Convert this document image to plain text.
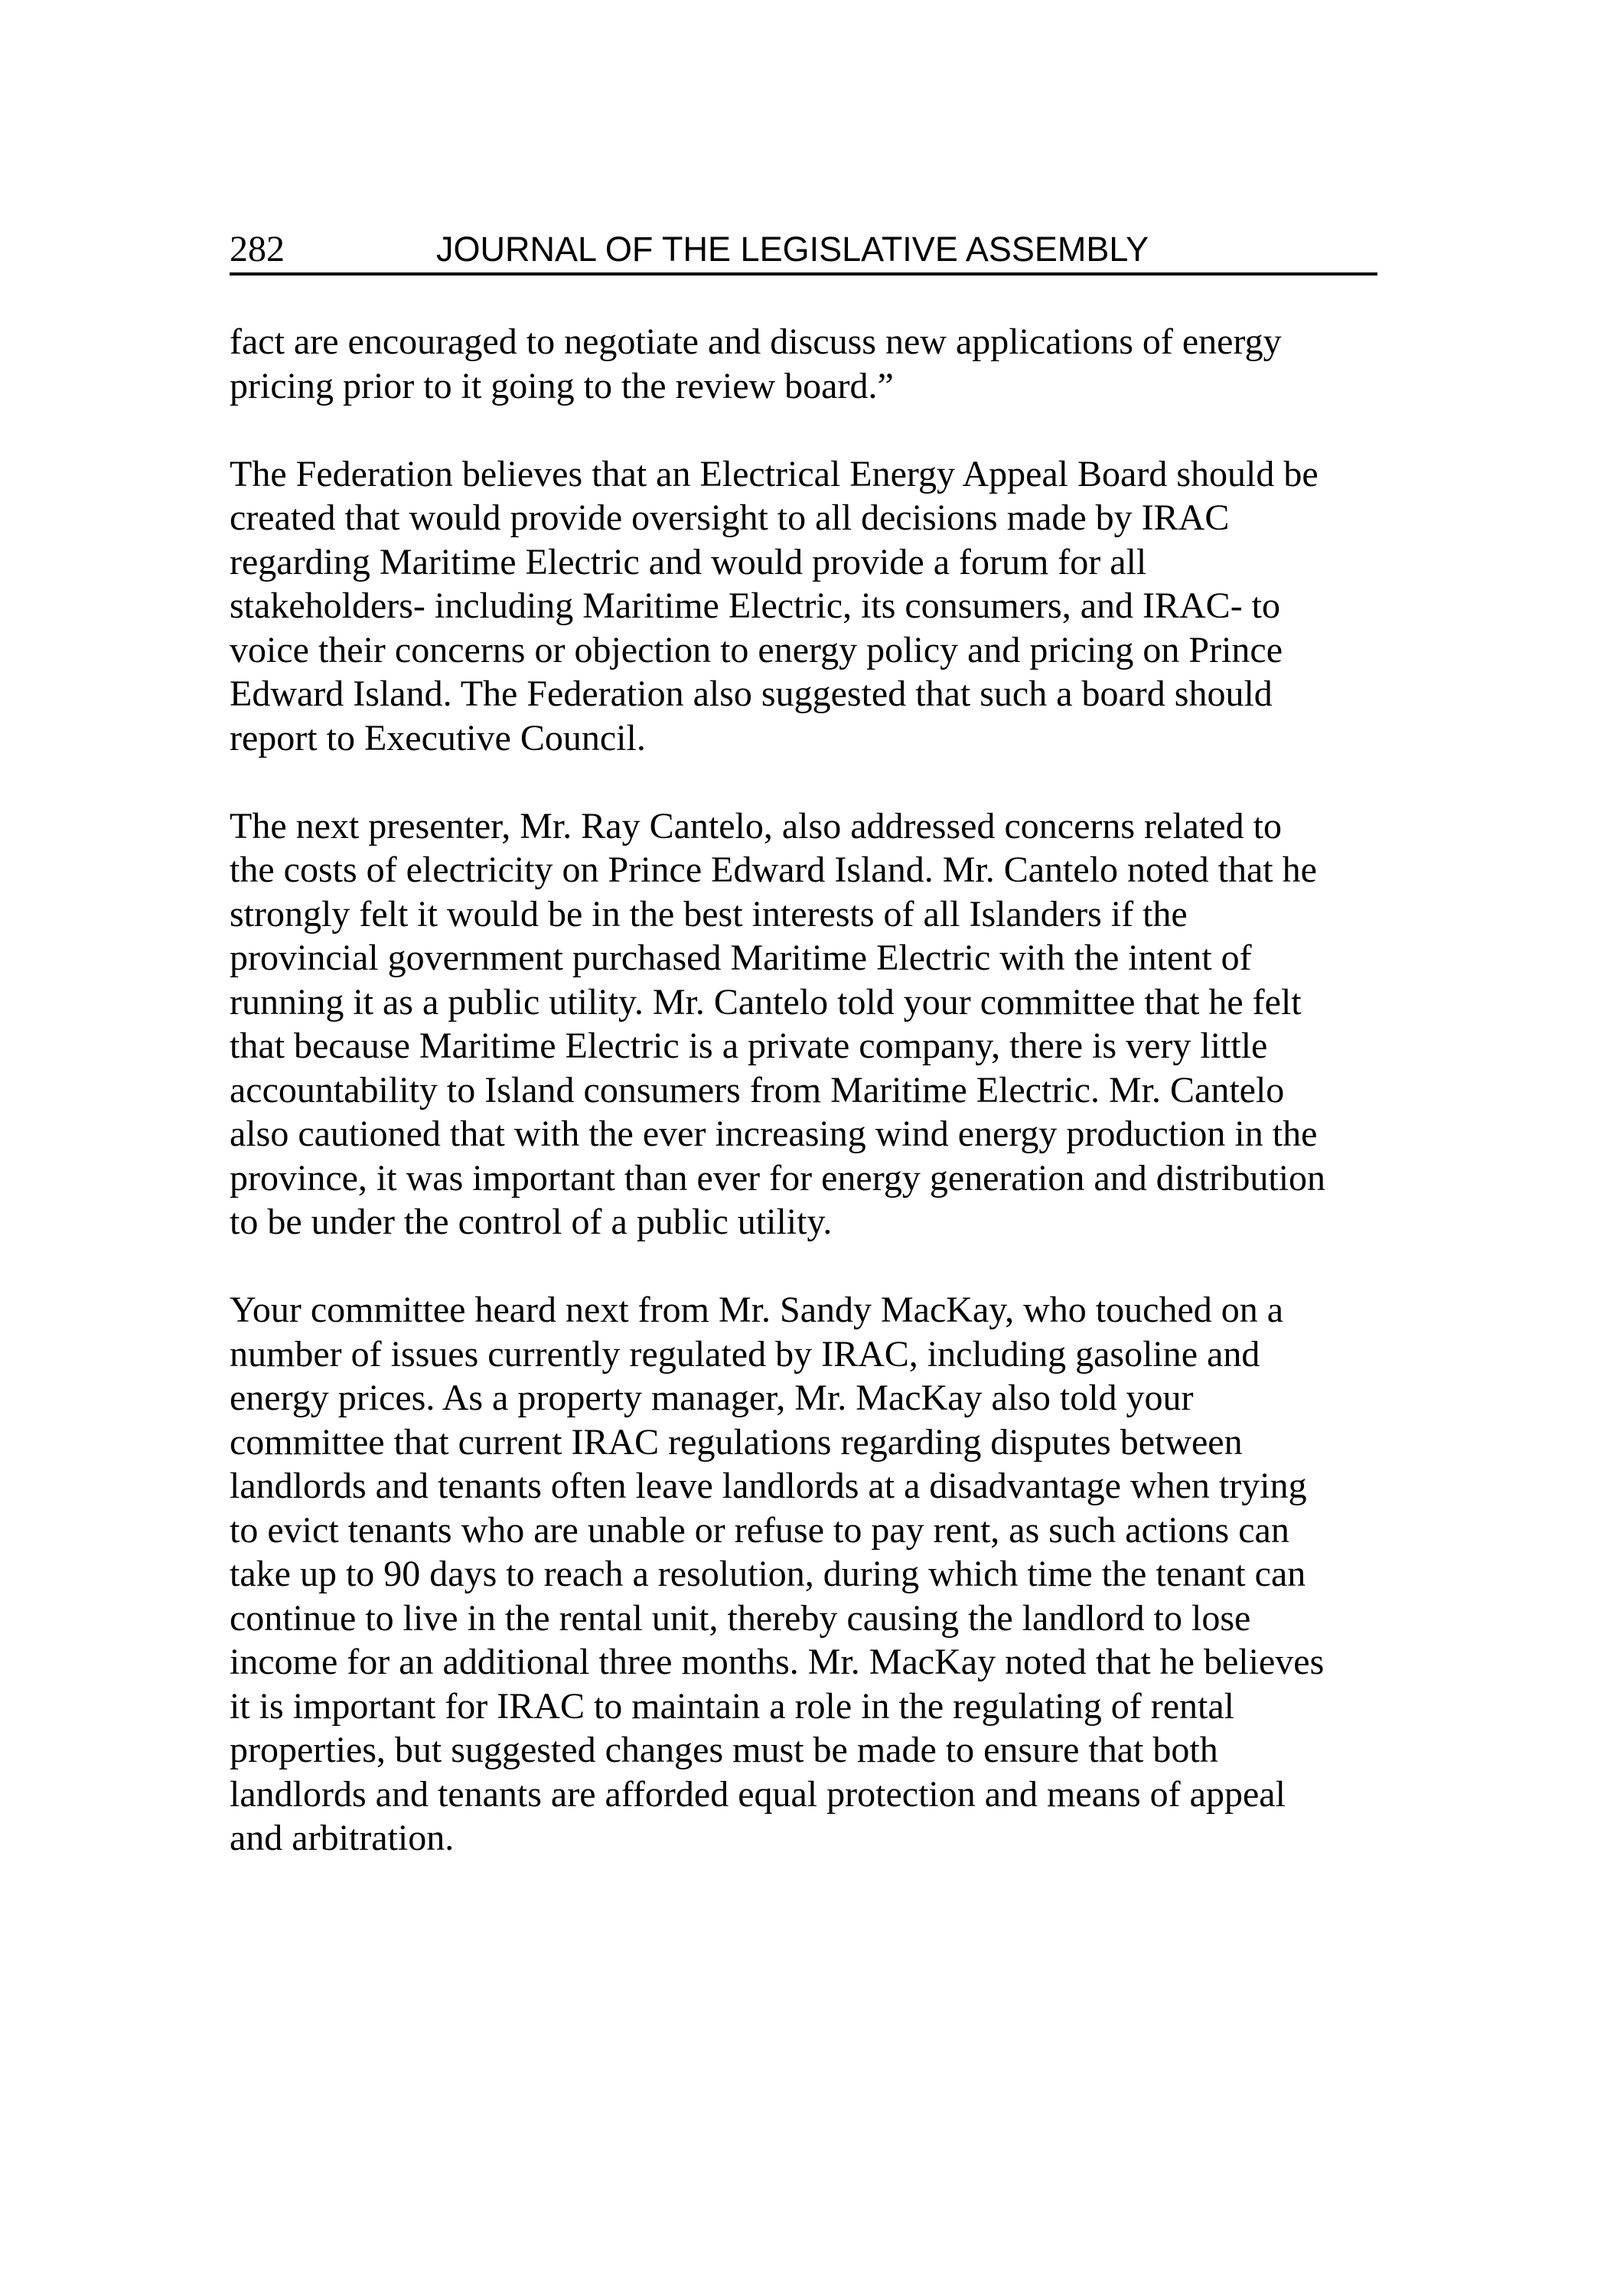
282	JOURNAL OF THE LEGISLATIVE ASSEMBLY

fact are encouraged to negotiate and discuss new applications of energy
pricing prior to it going to the review board.”

The Federation believes that an Electrical Energy Appeal Board should be
created that would provide oversight to all decisions made by IRAC
regarding Maritime Electric and would provide a forum for all
stakeholders- including Maritime Electric, its consumers, and IRAC- to
voice their concerns or objection to energy policy and pricing on Prince
Edward Island. The Federation also suggested that such a board should
report to Executive Council.

The next presenter, Mr. Ray Cantelo, also addressed concerns related to
the costs of electricity on Prince Edward Island. Mr. Cantelo noted that he
strongly felt it would be in the best interests of all Islanders if the
provincial government purchased Maritime Electric with the intent of
running it as a public utility. Mr. Cantelo told your committee that he felt
that because Maritime Electric is a private company, there is very little
accountability to Island consumers from Maritime Electric. Mr. Cantelo
also cautioned that with the ever increasing wind energy production in the
province, it was important than ever for energy generation and distribution
to be under the control of a public utility.

Your committee heard next from Mr. Sandy MacKay, who touched on a
number of issues currently regulated by IRAC, including gasoline and
energy prices. As a property manager, Mr. MacKay also told your
committee that current IRAC regulations regarding disputes between
landlords and tenants often leave landlords at a disadvantage when trying
to evict tenants who are unable or refuse to pay rent, as such actions can
take up to 90 days to reach a resolution, during which time the tenant can
continue to live in the rental unit, thereby causing the landlord to lose
income for an additional three months. Mr. MacKay noted that he believes
it is important for IRAC to maintain a role in the regulating of rental
properties, but suggested changes must be made to ensure that both
landlords and tenants are afforded equal protection and means of appeal
and arbitration.
